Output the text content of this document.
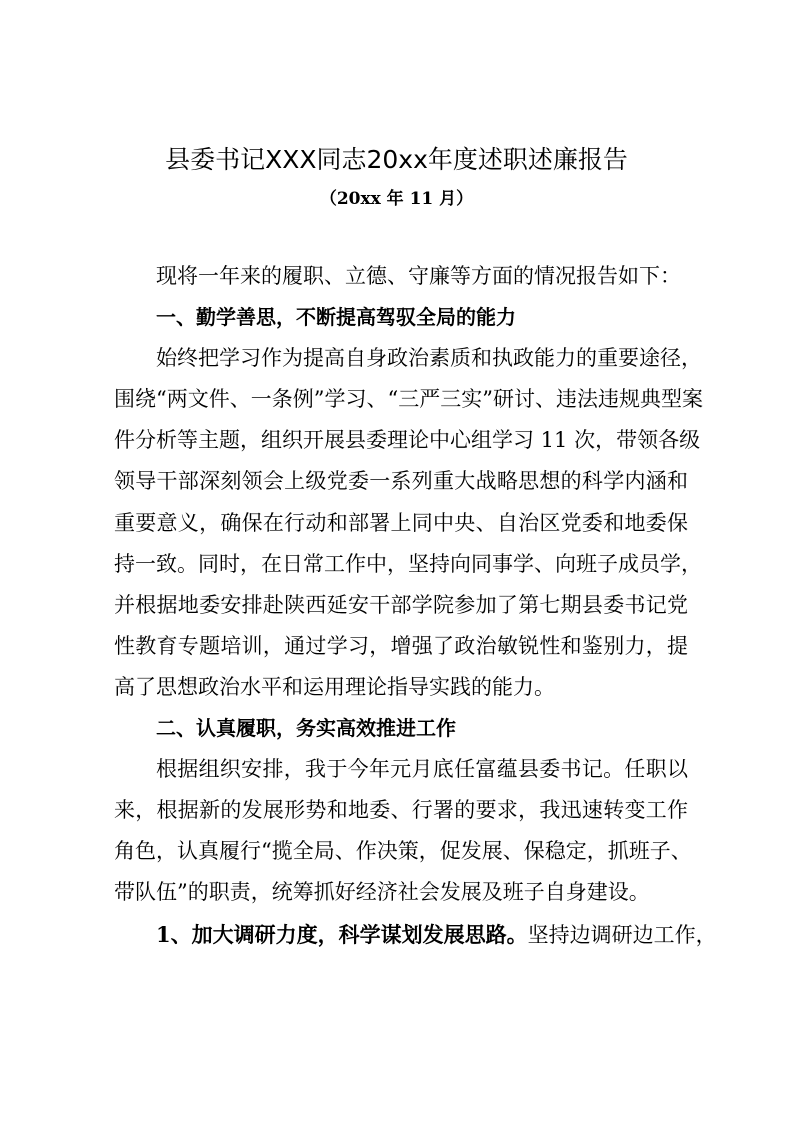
县委书记XXX同志20xx年度述职述廉报告
（20xx 年 11 月）
现将一年来的履职、立德、守廉等方面的情况报告如下：
一、勤学善思，不断提高驾驭全局的能力
始终把学习作为提高自身政治素质和执政能力的重要途径，
围绕“两文件、一条例”学习、“三严三实”研讨、违法违规典型案
件分析等主题，组织开展县委理论中心组学习 11 次，带领各级
领导干部深刻领会上级党委一系列重大战略思想的科学内涵和
重要意义，确保在行动和部署上同中央、自治区党委和地委保
持一致。同时，在日常工作中，坚持向同事学、向班子成员学，
并根据地委安排赴陕西延安干部学院参加了第七期县委书记党
性教育专题培训，通过学习，增强了政治敏锐性和鉴别力，提
高了思想政治水平和运用理论指导实践的能力。
二、认真履职，务实高效推进工作
根据组织安排，我于今年元月底任富蕴县委书记。任职以
来，根据新的发展形势和地委、行署的要求，我迅速转变工作
角色，认真履行“揽全局、作决策，促发展、保稳定，抓班子、
带队伍”的职责，统筹抓好经济社会发展及班子自身建设。
1、加大调研力度，科学谋划发展思路。坚持边调研边工作，
